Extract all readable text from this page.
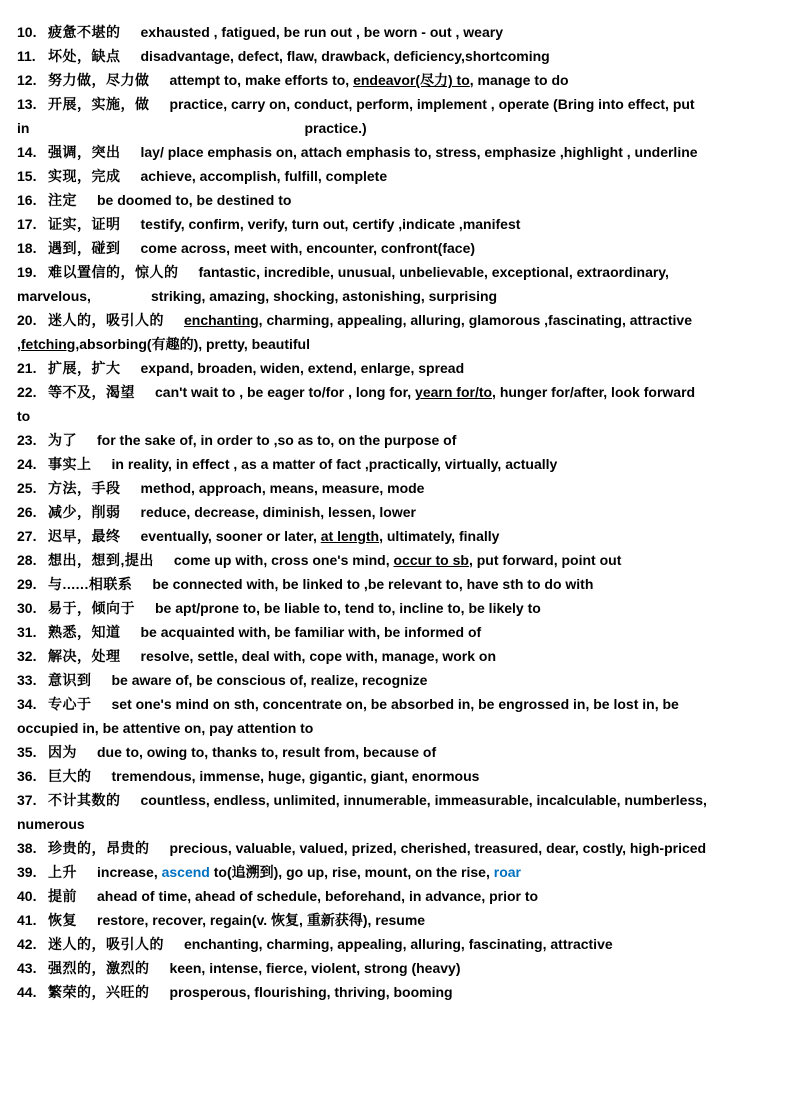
10. 疲惫不堪的 exhausted , fatigued, be run out , be worn - out , weary
11. 坏处，缺点 disadvantage, defect, flaw, drawback, deficiency,shortcoming
12. 努力做，尽力做 attempt to, make efforts to, endeavor(尽力) to, manage to do
13. 开展，实施，做 practice, carry on, conduct, perform, implement , operate (Bring into effect, put
in	practice.)
14. 强调，突出 lay/ place emphasis on, attach emphasis to, stress, emphasize ,highlight , underline
15. 实现，完成 achieve, accomplish, fulfill, complete
16. 注定 be doomed to, be destined to
17. 证实，证明 testify, confirm, verify, turn out, certify ,indicate ,manifest
18. 遇到，碰到 come across, meet with, encounter, confront(face)
19. 难以置信的，惊人的 fantastic, incredible, unusual, unbelievable, exceptional, extraordinary,
marvelous,	striking, amazing, shocking, astonishing, surprising
20. 迷人的，吸引人的 enchanting, charming, appealing, alluring, glamorous ,fascinating, attractive
,fetching,absorbing(有趣的), pretty, beautiful
21. 扩展，扩大 expand, broaden, widen, extend, enlarge, spread
22. 等不及，渴望 can't wait to , be eager to/for , long for, yearn for/to, hunger for/after, look forward
to
23. 为了 for the sake of, in order to ,so as to, on the purpose of
24. 事实上 in reality, in effect , as a matter of fact ,practically, virtually, actually
25. 方法，手段 method, approach, means, measure, mode
26. 减少，削弱 reduce, decrease, diminish, lessen, lower
27. 迟早，最终 eventually, sooner or later, at length, ultimately, finally
28. 想出，想到,提出 come up with, cross one's mind, occur to sb, put forward, point out
29. 与......相联系 be connected with, be linked to ,be relevant to, have sth to do with
30. 易于，倾向于 be apt/prone to, be liable to, tend to, incline to, be likely to
31. 熟悉，知道 be acquainted with, be familiar with, be informed of
32. 解决，处理 resolve, settle, deal with, cope with, manage, work on
33. 意识到 be aware of, be conscious of, realize, recognize
34. 专心于 set one's mind on sth, concentrate on, be absorbed in, be engrossed in, be lost in, be
occupied in, be attentive on, pay attention to
35. 因为 due to, owing to, thanks to, result from, because of
36. 巨大的 tremendous, immense, huge, gigantic, giant, enormous
37. 不计其数的 countless, endless, unlimited, innumerable, immeasurable, incalculable, numberless,
numerous
38. 珍贵的，昂贵的 precious, valuable, valued, prized, cherished, treasured, dear, costly, high-priced
39. 上升 increase, ascend to(追溯到), go up, rise, mount, on the rise, roar
40. 提前 ahead of time, ahead of schedule, beforehand, in advance, prior to
41. 恢复 restore, recover, regain(v. 恢复, 重新获得), resume
42. 迷人的，吸引人的 enchanting, charming, appealing, alluring, fascinating, attractive
43. 强烈的，激烈的 keen, intense, fierce, violent, strong (heavy)
44. 繁荣的，兴旺的 prosperous, flourishing, thriving, booming
